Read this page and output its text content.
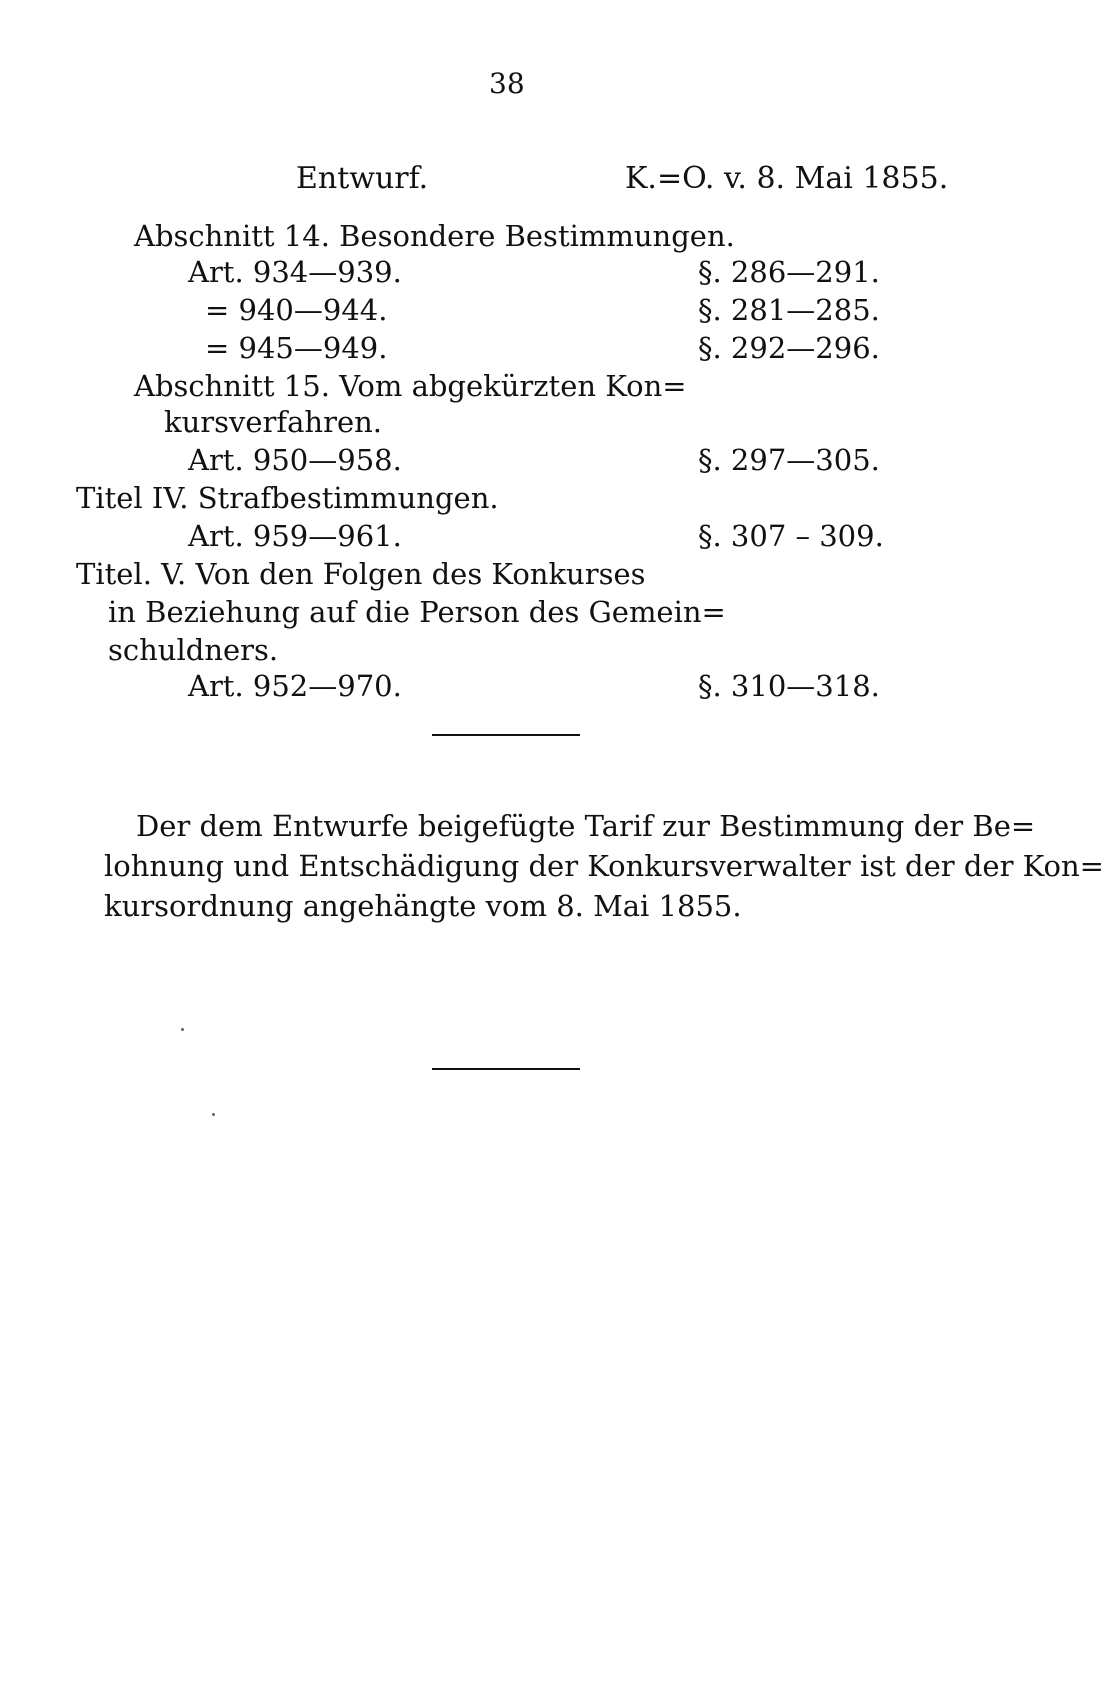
38
Entwurf.	K.=O. v. 8. Mai 1855.
Abschnitt 14. Besondere Bestimmungen.
Art. 934—939.	§. 286—291.
= 940—944.	§. 281—285.
= 945—949.	§. 292—296.
Abschnitt 15. Vom abgekürzten Kon=
kursverfahren.
Art. 950—958.	§. 297—305.
Titel IV. Strafbestimmungen.
Art. 959—961.	§. 307 – 309.
Titel. V. Von den Folgen des Konkurses
in Beziehung auf die Person des Gemein=
schuldners.
Art. 952—970.	§. 310—318.
Der dem Entwurfe beigefügte Tarif zur Bestimmung der Be=
lohnung und Entschädigung der Konkursverwalter ist der der Kon=
kursordnung angehängte vom 8. Mai 1855.
